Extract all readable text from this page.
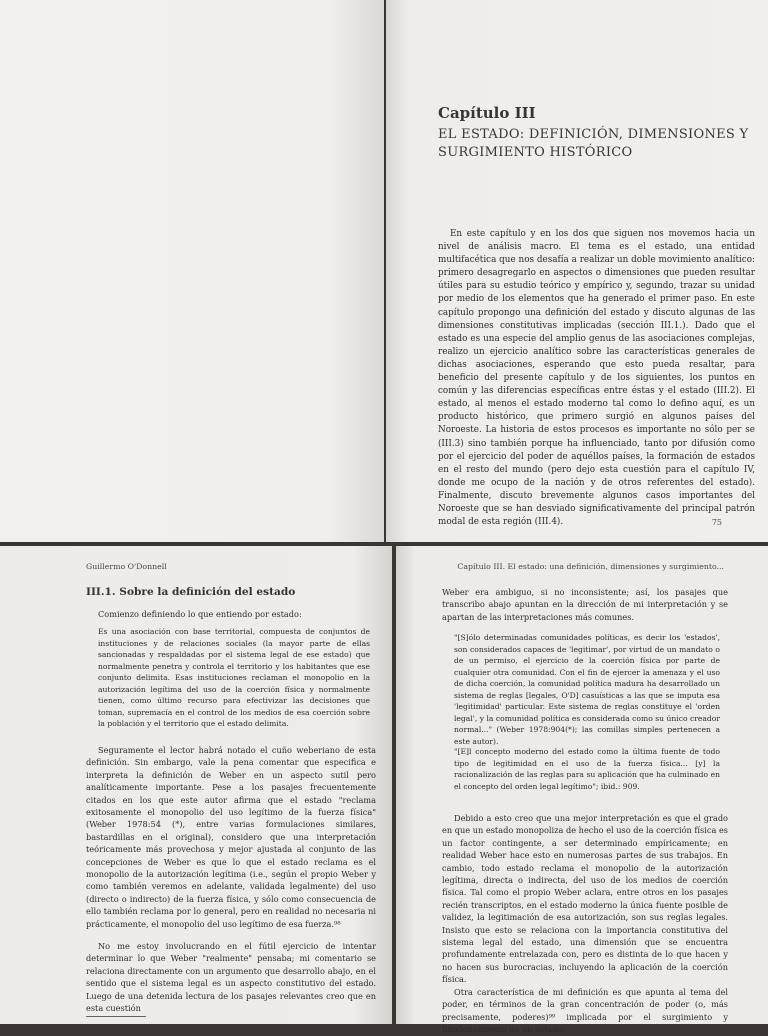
Capítulo III
EL ESTADO: DEFINICIÓN, DIMENSIONES Y SURGIMIENTO HISTÓRICO

En este capítulo y en los dos que siguen nos movemos hacia un nivel de análisis macro. El tema es el estado, una entidad multifacética que nos desafía a realizar un doble movimiento analítico: primero desagregarlo en aspectos o dimensiones que pueden resultar útiles para su estudio teórico y empírico y, segundo, trazar su unidad por medio de los elementos que ha generado el primer paso. En este capítulo propongo una definición del estado y discuto algunas de las dimensiones constitutivas implicadas (sección III.1.). Dado que el estado es una especie del amplio genus de las asociaciones complejas, realizo un ejercicio analítico sobre las características generales de dichas asociaciones, esperando que esto pueda resaltar, para beneficio del presente capítulo y de los siguientes, los puntos en común y las diferencias específicas entre éstas y el estado (III.2). El estado, al menos el estado moderno tal como lo defino aquí, es un producto histórico, que primero surgió en algunos países del Noroeste. La historia de estos procesos es importante no sólo per se (III.3) sino también porque ha influenciado, tanto por difusión como por el ejercicio del poder de aquéllos países, la formación de estados en el resto del mundo (pero dejo esta cuestión para el capítulo IV, donde me ocupo de la nación y de otros referentes del estado). Finalmente, discuto brevemente algunos casos importantes del Noroeste que se han desviado significativamente del principal patrón modal de esta región (III.4).	75
Guillermo O'Donnell
III.1. Sobre la definición del estado

Comienzo definiendo lo que entiendo por estado:

Es una asociación con base territorial, compuesta de conjuntos de instituciones y de relaciones sociales (la mayor parte de ellas sancionadas y respaldadas por el sistema legal de ese estado) que normalmente penetra y controla el territorio y los habitantes que ese conjunto delimita. Esas instituciones reclaman el monopolio en la autorización legítima del uso de la coerción física y normalmente tienen, como último recurso para efectivizar las decisiones que toman, supremacía en el control de los medios de esa coerción sobre la población y el territorio que el estado delimita.

Seguramente el lector habrá notado el cuño weberiano de esta definición. Sin embargo, vale la pena comentar que especifica e interpreta la definición de Weber en un aspecto sutil pero analíticamente importante. Pese a los pasajes frecuentemente citados en los que este autor afirma que el estado "reclama exitosamente el monopolio del uso legítimo de la fuerza física" (Weber 1978:54 (*), entre varias formulaciones similares, bastardillas en el original), considero que una interpretación teóricamente más provechosa y mejor ajustada al conjunto de las concepciones de Weber es que lo que el estado reclama es el monopolio de la autorización legítima (i.e., según el propio Weber y como también veremos en adelante, validada legalmente) del uso (directo o indirecto) de la fuerza física, y sólo como consecuencia de ello también reclama por lo general, pero en realidad no necesaria ni prácticamente, el monopolio del uso legítimo de esa fuerza.⁹⁸

No me estoy involucrando en el fútil ejercicio de intentar determinar lo que Weber "realmente" pensaba; mi comentario se relaciona directamente con un argumento que desarrollo abajo, en el sentido que el sistema legal es un aspecto constitutivo del estado. Luego de una detenida lectura de los pasajes relevantes creo que en esta cuestión

Capítulo III. El estado: una definición, dimensiones y surgimiento...

Weber era ambiguo, si no inconsistente; así, los pasajes que transcribo abajo apuntan en la dirección de mi interpretación y se apartan de las interpretaciones más comunes.

"[S]ólo determinadas comunidades políticas, es decir los 'estados', son considerados capaces de 'legitimar', por virtud de un mandato o de un permiso, el ejercicio de la coerción física por parte de cualquier otra comunidad. Con el fin de ejercer la amenaza y el uso de dicha coerción, la comunidad política madura ha desarrollado un sistema de reglas [legales, O'D] casuísticas a las que se imputa esa 'legitimidad' particular. Este sistema de reglas constituye el 'orden legal', y la comunidad política es considerada como su único creador normal..." (Weber 1978:904(*); las comillas simples pertenecen a este autor).

"[E]l concepto moderno del estado como la última fuente de todo tipo de legitimidad en el uso de la fuerza física... [y] la racionalización de las reglas para su aplicación que ha culminado en el concepto del orden legal legítimo"; ibid.: 909.

Debido a esto creo que una mejor interpretación es que el grado en que un estado monopoliza de hecho el uso de la coerción física es un factor contingente, a ser determinado empíricamente; en realidad Weber hace esto en numerosas partes de sus trabajos. En cambio, todo estado reclama el monopolio de la autorización legítima, directa o indirecta, del uso de los medios de coerción física. Tal como el propio Weber aclara, entre otros en los pasajes recién transcriptos, en el estado moderno la única fuente posible de validez, la legitimación de esa autorización, son sus reglas legales. Insisto que esto se relaciona con la importancia constitutiva del sistema legal del estado, una dimensión que se encuentra profundamente entrelazada con, pero es distinta de lo que hacen y no hacen sus burocracias, incluyendo la aplicación de la coerción física.

Otra característica de mi definición es que apunta al tema del poder, en términos de la gran concentración de poder (o, más precisamente, poderes)⁹⁹ implicada por el surgimiento y funcionamiento de un estado.
